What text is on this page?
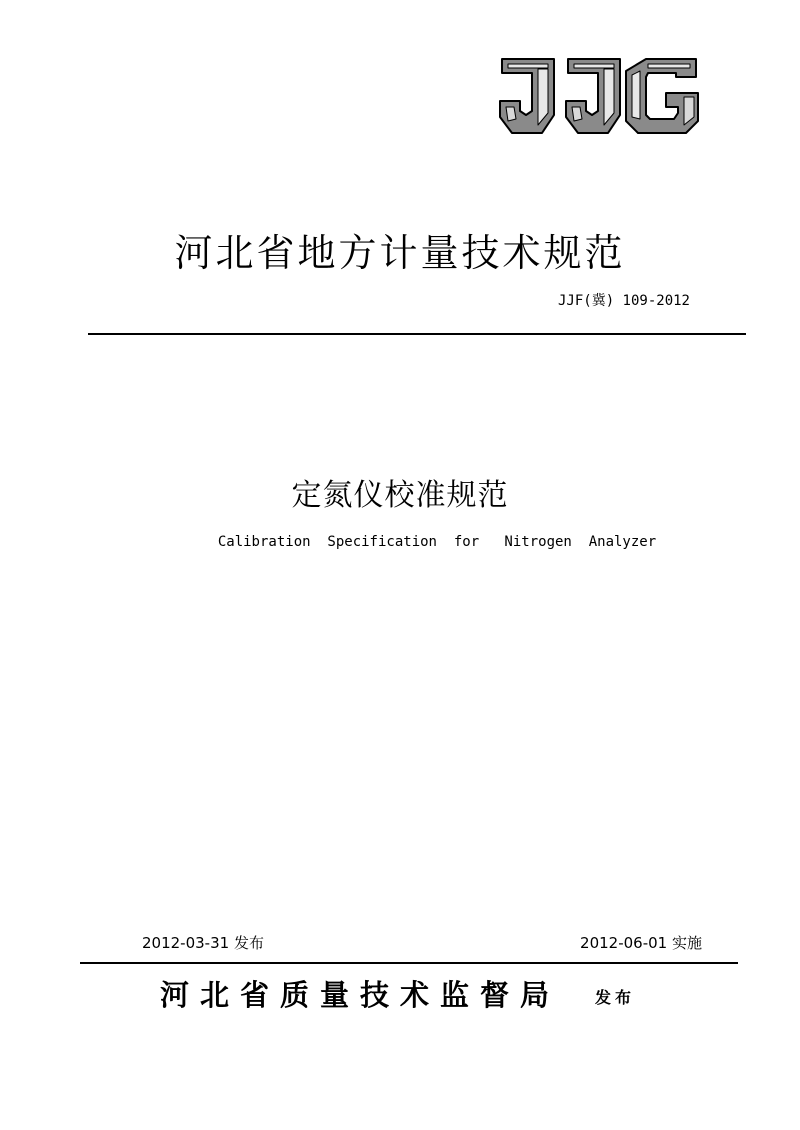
河北省地方计量技术规范
JJF(冀) 109-2012
定氮仪校准规范
Calibration  Specification  for   Nitrogen  Analyzer
2012-03-31 发布	2012-06-01 实施
河北省质量技术监督局 发布
